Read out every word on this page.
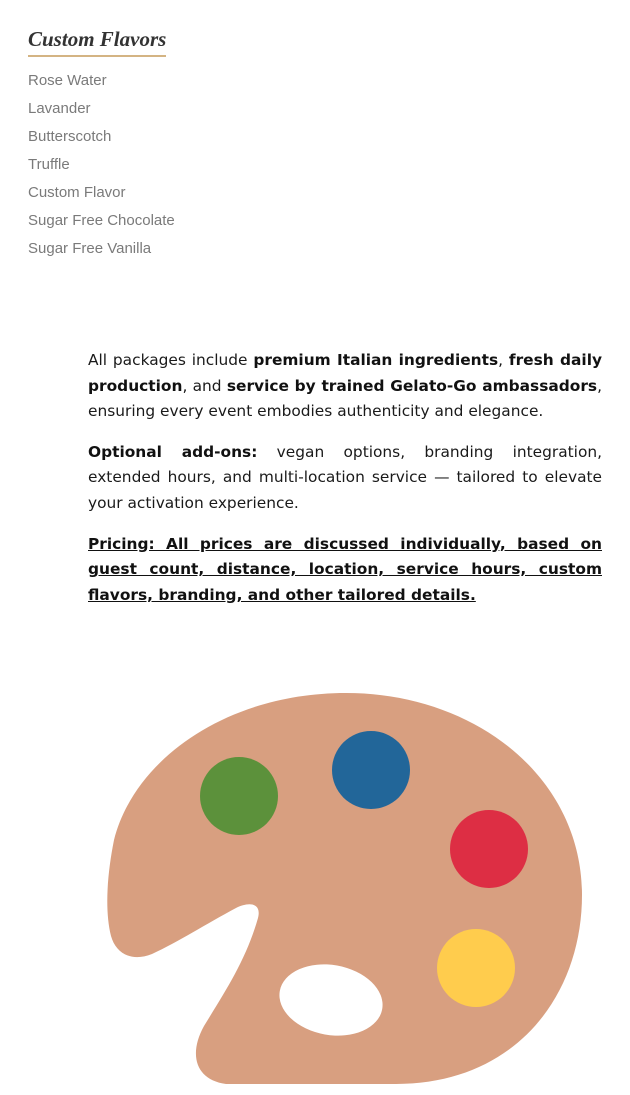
Custom Flavors
Rose Water
Lavander
Butterscotch
Truffle
Custom Flavor
Sugar Free Chocolate
Sugar Free Vanilla

All packages include premium Italian ingredients, fresh daily production, and service by trained Gelato-Go ambassadors, ensuring every event embodies authenticity and elegance.

Optional add-ons: vegan options, branding integration, extended hours, and multi-location service — tailored to elevate your activation experience.

Pricing: All prices are discussed individually, based on guest count, distance, location, service hours, custom flavors, branding, and other tailored details.
